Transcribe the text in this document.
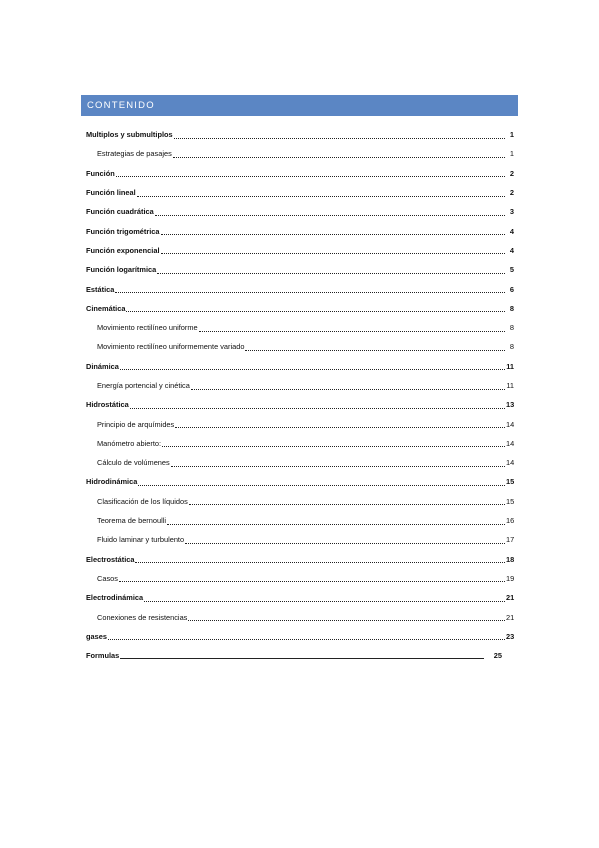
CONTENIDO
Multiplos y submultiplos	1
Estrategias de pasajes	1
Función	2
Función lineal	2
Función cuadrática	3
Función trigométrica	4
Función exponencial	4
Función logarítmica	5
Estática	6
Cinemática	8
Movimiento rectilíneo uniforme	8
Movimiento rectilíneo uniformemente variado	8
Dinámica	11
Energía portencial y cinética	11
Hidrostática	13
Principio de arquímides	14
Manómetro abierto:	14
Cálculo de volúmenes	14
Hidrodinámica	15
Clasificación de los líquidos	15
Teorema de bernoulli	16
Fluido laminar y turbulento	17
Electrostática	18
Casos	19
Electrodinámica	21
Conexiones de resistencias	21
gases	23
Formulas	25
